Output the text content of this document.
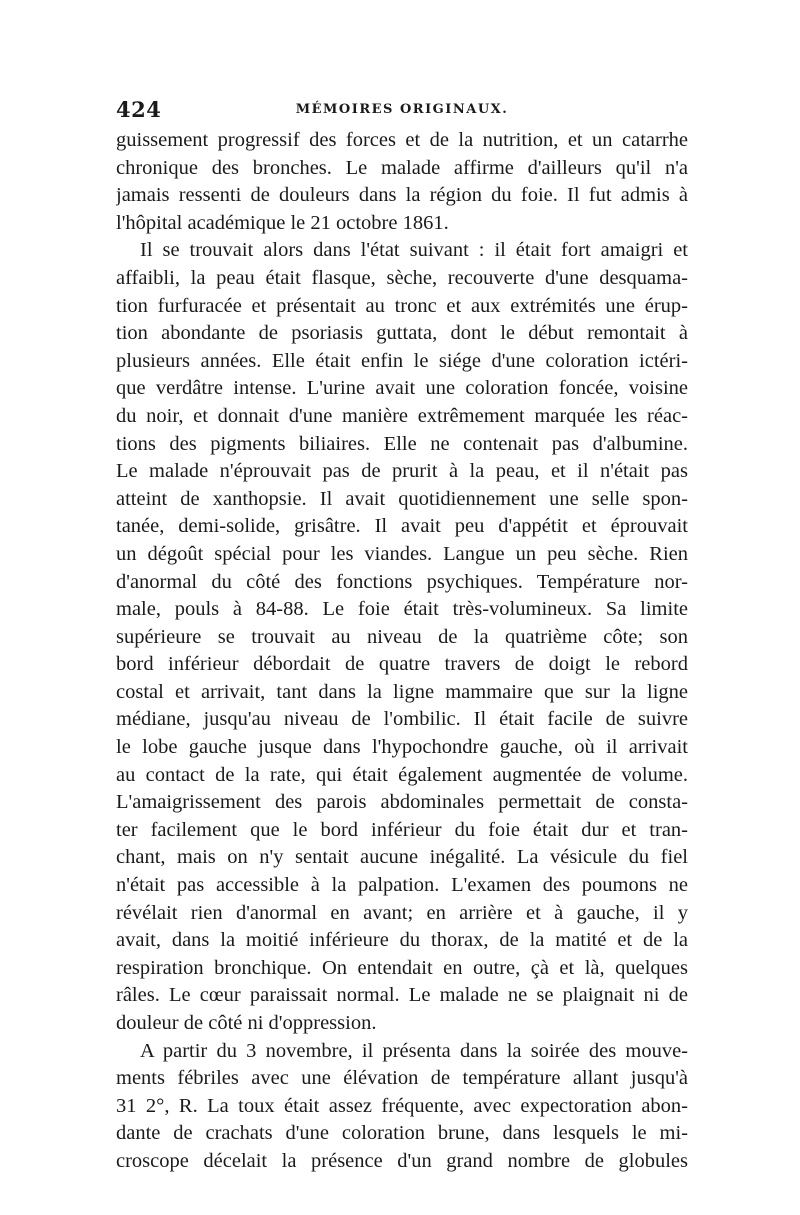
424	MÉMOIRES ORIGINAUX.
guissement progressif des forces et de la nutrition, et un catarrhe
chronique des bronches. Le malade affirme d'ailleurs qu'il n'a
jamais ressenti de douleurs dans la région du foie. Il fut admis à
l'hôpital académique le 21 octobre 1861.
Il se trouvait alors dans l'état suivant : il était fort amaigri et
affaibli, la peau était flasque, sèche, recouverte d'une desquama-
tion furfuracée et présentait au tronc et aux extrémités une érup-
tion abondante de psoriasis guttata, dont le début remontait à
plusieurs années. Elle était enfin le siége d'une coloration ictéri-
que verdâtre intense. L'urine avait une coloration foncée, voisine
du noir, et donnait d'une manière extrêmement marquée les réac-
tions des pigments biliaires. Elle ne contenait pas d'albumine.
Le malade n'éprouvait pas de prurit à la peau, et il n'était pas
atteint de xanthopsie. Il avait quotidiennement une selle spon-
tanée, demi-solide, grisâtre. Il avait peu d'appétit et éprouvait
un dégoût spécial pour les viandes. Langue un peu sèche. Rien
d'anormal du côté des fonctions psychiques. Température nor-
male, pouls à 84-88. Le foie était très-volumineux. Sa limite
supérieure se trouvait au niveau de la quatrième côte; son
bord inférieur débordait de quatre travers de doigt le rebord
costal et arrivait, tant dans la ligne mammaire que sur la ligne
médiane, jusqu'au niveau de l'ombilic. Il était facile de suivre
le lobe gauche jusque dans l'hypochondre gauche, où il arrivait
au contact de la rate, qui était également augmentée de volume.
L'amaigrissement des parois abdominales permettait de consta-
ter facilement que le bord inférieur du foie était dur et tran-
chant, mais on n'y sentait aucune inégalité. La vésicule du fiel
n'était pas accessible à la palpation. L'examen des poumons ne
révélait rien d'anormal en avant; en arrière et à gauche, il y
avait, dans la moitié inférieure du thorax, de la matité et de la
respiration bronchique. On entendait en outre, çà et là, quelques
râles. Le cœur paraissait normal. Le malade ne se plaignait ni de
douleur de côté ni d'oppression.
A partir du 3 novembre, il présenta dans la soirée des mouve-
ments fébriles avec une élévation de température allant jusqu'à
31 2°, R. La toux était assez fréquente, avec expectoration abon-
dante de crachats d'une coloration brune, dans lesquels le mi-
croscope décelait la présence d'un grand nombre de globules
